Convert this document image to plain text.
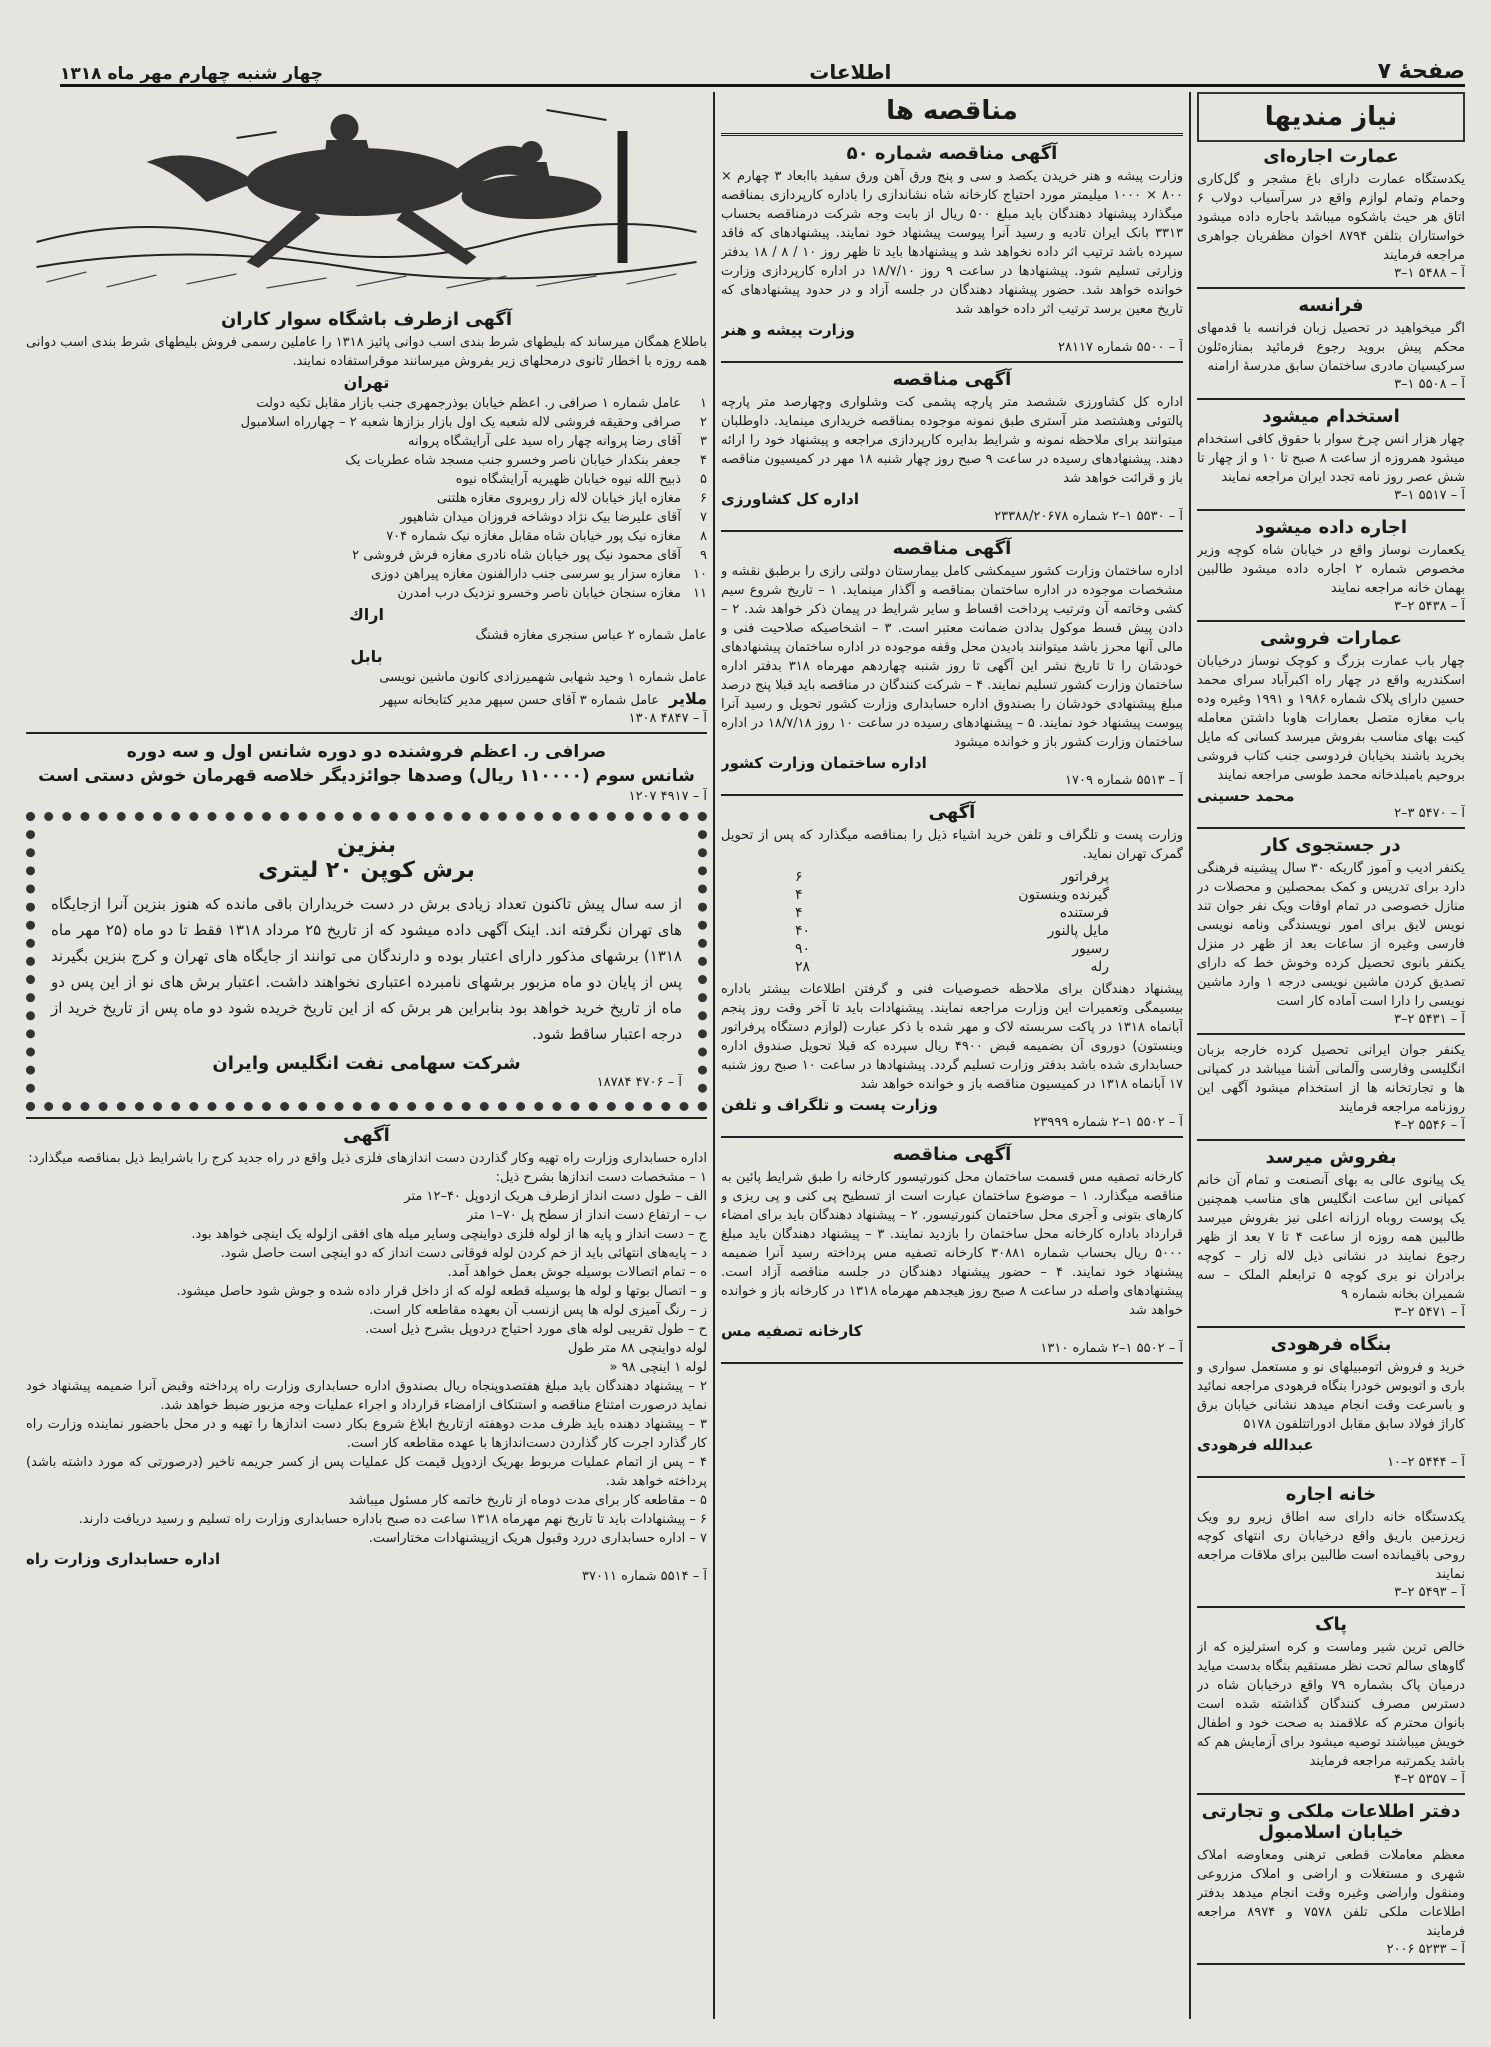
صفحهٔ ۷
اطلاعات
چهار شنبه چهارم مهر ماه ۱۳۱۸
نیاز مندیها
عمارت اجاره‌ای

یکدستگاه عمارت دارای باغ مشجر و گل‌کاری وحمام وتمام لوازم واقع در سرآسیاب دولاب ۶ اتاق هر حیث باشکوه میباشد باجاره داده میشود خواستاران بتلفن ۸۷۹۴ اخوان مظفریان جواهری مراجعه فرمایند

آ – ۵۴۸۸ ۱–۳
فرانسه

اگر میخواهید در تحصیل زبان فرانسه با قدمهای محکم پیش بروید رجوع فرمائید بمنازه‌ئلون سرکیسیان مادری ساختمان سابق مدرسهٔ ارامنه

آ – ۵۵۰۸ ۱–۳
استخدام میشود

چهار هزار انس چرخ سوار با حقوق کافی استخدام میشود همروزه از ساعت ۸ صبح تا ۱۰ و از چهار تا شش عصر روز نامه تجدد ایران مراجعه نمایند

آ – ۵۵۱۷ ۱–۳
اجاره داده میشود

یکعمارت نوساز واقع در خیابان شاه کوچه وزیر مخصوص شماره ۲ اجاره داده میشود طالبین بهمان خانه مراجعه نمایند

آ – ۵۴۳۸ ۲–۳
عمارات فروشی

چهار باب عمارت بزرگ و کوچک نوساز درخیابان اسکندریه واقع در چهار راه اکبرآباد سرای محمد حسین دارای پلاک شماره ۱۹۸۶ و ۱۹۹۱ وغیره وده باب مغازه متصل بعمارات هاوبا داشتن معامله کیت بهای مناسب بفروش میرسد کسانی که مایل بخرید باشند بخیابان فردوسی جنب کتاب فروشی بروحیم بامبلدخانه محمد طوسی مراجعه نمایند

محمد حسینی
آ – ۵۴۷۰ ۳–۲
در جستجوی کار

یکنفر ادیب و آموز گاریکه ۳۰ سال پیشینه فرهنگی دارد برای تدریس و کمک بمحصلین و محصلات در منازل خصوصی در تمام اوقات ویک نفر جوان تند نویس لایق برای امور نویسندگی ونامه نویسی فارسی وغیره از ساعات بعد از ظهر در منزل یکنفر بانوی تحصیل کرده وخوش خط که دارای تصدیق کردن ماشین نویسی درجه ۱ وارد ماشین نویسی را دارا است آماده کار است

آ – ۵۴۳۱ ۲–۳

یکنفر جوان ایرانی تحصیل کرده خارجه بزبان انگلیسی وفارسی وآلمانی آشنا میباشد در کمپانی ها و تجارتخانه ها از استخدام میشود آگهی این روزنامه مراجعه فرمایند

آ – ۵۵۴۶ ۲–۴
بفروش میرسد

یک پیانوی عالی به بهای آنصنعت و تمام آن خانم کمپانی این ساعت انگلیس های مناسب همچنین یک پوست روباه ارزانه اعلی نیز بفروش میرسد طالبین همه روزه از ساعت ۴ تا ۷ بعد از ظهر رجوع نمایند در نشانی ذیل لاله زار – کوچه برادران نو بری کوچه ۵ ترابعلم الملک – سه شمیران بخانه شماره ۹

آ – ۵۴۷۱ ۲–۳
بنگاه فرهودی

خرید و فروش اتومبیلهای نو و مستعمل سواری و باری و اتوبوس خودرا بنگاه فرهودی مراجعه نمائید و باسرعت وقت انجام میدهد نشانی خیابان برق کاراژ فولاد سابق مقابل ادوراتتلفون ۵۱۷۸

عبدالله فرهودی
آ – ۵۴۴۴ ۲–۱۰
خانه اجاره

یکدستگاه خانه دارای سه اطاق زیرو رو ویک زیرزمین باریق واقع درخیابان ری انتهای کوچه روحی باقیمانده است طالبین برای ملاقات مراجعه نمایند

آ – ۵۴۹۳ ۲–۳
پاک

خالص ترین شیر وماست و کره استرلیزه که از گاوهای سالم تحت نظر مستقیم بنگاه بدست میاید درمیان پاک بشماره ۷۹ واقع درخیابان شاه در دسترس مصرف کنندگان گذاشته شده است بانوان محترم که علاقمند به صحت خود و اطفال خویش میباشند توصیه میشود برای آزمایش هم که باشد یکمرتبه مراجعه فرمایند

آ – ۵۳۵۷ ۲–۴
دفتر اطلاعات ملکی و تجارتی خیابان اسلامبول

معظم معاملات قطعی ترهنی ومعاوضه املاک شهری و مستغلات و اراضی و املاک مزروعی ومنقول واراضی وغیره وقت انجام میدهد بدفتر اطلاعات ملکی تلفن ۷۵۷۸ و ۸۹۷۴ مراجعه فرمایند

آ – ۵۲۳۳ ۲۰۰۶
مناقصه ها
آگهی مناقصه شماره ۵۰

وزارت پیشه و هنر خریدن یکصد و سی و پنج ورق آهن ورق سفید باابعاد ۳ چهارم × ۸۰۰ × ۱۰۰۰ میلیمتر مورد احتیاج کارخانه شاه نشاندازی را باداره کارپردازی بمناقصه میگذارد پیشنهاد دهندگان باید مبلغ ۵۰۰ ریال از بابت وجه شرکت درمناقصه بحساب ۳۳۱۳ بانک ایران تادیه و رسید آنرا پیوست پیشنهاد خود نمایند. پیشنهادهای که فاقد سپرده باشد ترتیب اثر داده نخواهد شد و پیشنهادها باید تا ظهر روز ۱۰ / ۸ / ۱۸ بدفتر وزارتی تسلیم شود. پیشنهادها در ساعت ۹ روز ۱۸/۷/۱۰ در اداره کارپردازی وزارت خوانده خواهد شد. حضور پیشنهاد دهندگان در جلسه آزاد و در حدود پیشنهادهای که تاریخ معین برسد ترتیب اثر داده خواهد شد

وزارت پیشه و هنر
آ – ۵۵۰۰ شماره ۲۸۱۱۷
آگهی مناقصه

اداره کل کشاورزی ششصد متر پارچه پشمی کت وشلواری وچهارصد متر پارچه پالتوئی وهشتصد متر آستری طبق نمونه موجوده بمناقصه خریداری مینماید. داوطلبان میتوانند برای ملاحظه نمونه و شرایط بدایره کارپردازی مراجعه و پیشنهاد خود را ارائه دهند. پیشنهادهای رسیده در ساعت ۹ صبح روز چهار شنبه ۱۸ مهر در کمیسیون مناقصه باز و قرائت خواهد شد

اداره کل کشاورزی
آ – ۵۵۳۰ ۱–۲ شماره ۲۳۳۸۸/۲۰۶۷۸
آگهی مناقصه

اداره ساختمان وزارت کشور سیمکشی کامل بیمارستان دولتی رازی را برطبق نقشه و مشخصات موجوده در اداره ساختمان بمناقصه و آگذار مینماید. ۱ – تاریخ شروع سیم کشی وخاتمه آن وترتیب پرداخت اقساط و سایر شرایط در پیمان ذکر خواهد شد. ۲ – دادن پیش قسط موکول بدادن ضمانت معتبر است. ۳ – اشخاصیکه صلاحیت فنی و مالی آنها محرز باشد میتوانند بادیدن محل وقفه موجوده در اداره ساختمان پیشنهادهای خودشان را تا تاریخ نشر این آگهی تا روز شنبه چهاردهم مهرماه ۳۱۸ بدفتر اداره ساختمان وزارت کشور تسلیم نمایند. ۴ – شرکت کنندگان در مناقصه باید قبلا پنج درصد مبلغ پیشنهادی خودشان را بصندوق اداره حسابداری وزارت کشور تحویل و رسید آنرا پیوست پیشنهاد خود نمایند. ۵ – پیشنهادهای رسیده در ساعت ۱۰ روز ۱۸/۷/۱۸ در اداره ساختمان وزارت کشور باز و خوانده میشود

اداره ساختمان وزارت کشور
آ – ۵۵۱۳ شماره ۱۷۰۹
آگهی

وزارت پست و تلگراف و تلفن خرید اشیاء ذیل را بمناقصه میگذارد که پس از تحویل گمرک تهران نماید.

پرفراتور	۶
گیرنده وینستون	۴
فرستنده	۴
مایل پالنور	۴۰
رسیور	۹۰
رله	۲۸

پیشنهاد دهندگان برای ملاحظه خصوصیات فنی و گرفتن اطلاعات بیشتر باداره بیسیمگی وتعمیرات این وزارت مراجعه نمایند. پیشنهادات باید تا آخر وقت روز پنجم آبانماه ۱۳۱۸ در پاکت سربسته لاک و مهر شده با ذکر عبارت (لوازم دستگاه پرفراتور وینستون) دوروی آن بضمیمه قبض ۴۹۰۰ ریال سپرده که قبلا تحویل صندوق اداره حسابداری شده باشد بدفتر وزارت تسلیم گردد. پیشنهادها در ساعت ۱۰ صبح روز شنبه ۱۷ آبانماه ۱۳۱۸ در کمیسیون مناقصه باز و خوانده خواهد شد

وزارت پست و تلگراف و تلفن
آ – ۵۵۰۲ ۱–۲ شماره ۲۳۹۹۹
آگهی مناقصه

کارخانه تصفیه مس قسمت ساختمان محل کنورتیسور کارخانه را طبق شرایط پائین به مناقصه میگذارد. ۱ – موضوع ساختمان عبارت است از تسطیح پی کنی و پی ریزی و کارهای بتونی و آجری محل ساختمان کنورتیسور. ۲ – پیشنهاد دهندگان باید برای امضاء قرارداد باداره کارخانه محل ساختمان را بازدید نمایند. ۳ – پیشنهاد دهندگان باید مبلغ ۵۰۰۰ ریال بحساب شماره ۳۰۸۸۱ کارخانه تصفیه مس پرداخته رسید آنرا ضمیمه پیشنهاد خود نمایند. ۴ – حضور پیشنهاد دهندگان در جلسه مناقصه آزاد است. پیشنهادهای واصله در ساعت ۸ صبح روز هیجدهم مهرماه ۱۳۱۸ در کارخانه باز و خوانده خواهد شد

کارخانه تصفیه مس
آ – ۵۵۰۲ ۱–۲ شماره ۱۳۱۰
آگهی ازطرف باشگاه سوار کاران

باطلاع همگان میرساند که بلیطهای شرط بندی اسب دوانی پائیز ۱۳۱۸ را عاملین رسمی فروش بلیطهای شرط بندی اسب دوانی همه روزه با اخطار ثانوی درمحلهای زیر بفروش میرسانند موقراستفاده نمایند.

تهران
۱
عامل شماره ۱ صرافی ر. اعظم خیابان بوذرجمهری جنب بازار مقابل تکیه دولت
۲
صرافی وحقیقه فروشی لاله شعبه یک اول بازار بزازها شعبه ۲ – چهارراه اسلامبول
۳
آقای رضا پروانه چهار راه سید علی آرایشگاه پروانه
۴
جعفر بنکدار خیابان ناصر وخسرو جنب مسجد شاه عطریات یک
۵
ذبیح الله نیوه خیابان ظهیریه آرایشگاه نیوه
۶
مغازه ایاز خیابان لاله زار روبروی مغازه هلتنی
۷
آقای علیرضا بیک نژاد دوشاخه فروزان میدان شاهپور
۸
مغازه نیک پور خیابان شاه مقابل مغازه نیک شماره ۷۰۴
۹
آقای محمود نیک پور خیابان شاه نادری مغازه فرش فروشی ۲
۱۰
مغازه سزار یو سرسی جنب دارالفنون مغازه پیراهن دوزی
۱۱
مغازه سنجان خیابان ناصر وخسرو نزدیک درب امدرن
اراك

عامل شماره ۲ عباس سنجری مغازه قشنگ

بابل

عامل شماره ۱ وحید شهابی شهمیرزادی کانون ماشین نویسی

ملایر

عامل شماره ۳ آقای حسن سپهر مدیر کتابخانه سپهر

آ – ۴۸۴۷ ۱۳۰۸
صرافی ر. اعظم فروشنده دو دوره شانس اول و سه دوره
شانس سوم (۱۱۰۰۰۰ ریال) وصدها جوائزدیگر خلاصه قهرمان خوش دستی است
آ – ۴۹۱۷ ۱۲۰۷
بنزین
برش کوپن ۲۰ لیتری

از سه سال پیش تاکنون تعداد زیادی برش در دست خریداران باقی مانده که هنوز بنزین آنرا ازجایگاه های تهران نگرفته اند. اینک آگهی داده میشود که از تاریخ ۲۵ مرداد ۱۳۱۸ فقط تا دو ماه (۲۵ مهر ماه ۱۳۱۸) برشهای مذکور دارای اعتبار بوده و دارندگان می توانند از جایگاه های تهران و کرج بنزین بگیرند پس از پایان دو ماه مزبور برشهای نامبرده اعتباری نخواهند داشت. اعتبار برش های نو از این پس دو ماه از تاریخ خرید خواهد بود بنابراین هر برش که از این تاریخ خریده شود دو ماه پس از تاریخ خرید از درجه اعتبار ساقط شود.

شرکت سهامی نفت انگلیس وایران
آ – ۴۷۰۶ ۱۸۷۸۴
آگهی

اداره حسابداری وزارت راه تهیه وکار گذاردن دست اندازهای فلزی ذیل واقع در راه جدید کرج را باشرایط ذیل بمناقصه میگذارد:

۱ – مشخصات دست اندازها بشرح ذیل:

الف – طول دست انداز ازطرف هریک ازدوپل ۴۰–۱۲ متر

ب – ارتفاع دست انداز از سطح پل ۷۰–۱ متر

ج – دست انداز و پایه ها از لوله فلزی دواینچی وسایر میله های افقی ازلوله یک اینچی خواهد بود.

د – پایه‌های انتهائی باید از خم کردن لوله فوقانی دست انداز که دو اینچی است حاصل شود.

ه – تمام اتصالات بوسیله جوش بعمل خواهد آمد.

و – اتصال بوتها و لوله ها بوسیله قطعه لوله که از داخل قرار داده شده و جوش شود حاصل میشود.

ز – رنگ آمیزی لوله ها پس ازنسب آن بعهده مقاطعه کار است.

ح – طول تقریبی لوله های مورد احتیاج دردوپل بشرح ذیل است.

لوله دواینچی ۸۸ متر طول

لوله ۱ اینچی ۹۸ «

۲ – پیشنهاد دهندگان باید مبلغ هفتصدوپنجاه ریال بصندوق اداره حسابداری وزارت راه پرداخته وقبض آنرا ضمیمه پیشنهاد خود نماید درصورت امتناع مناقصه و استنکاف ازامضاء قرارداد و اجراء عملیات وجه مزبور ضبط خواهد شد.

۳ – پیشنهاد دهنده باید ظرف مدت دوهفته ازتاریخ ابلاغ شروع بکار دست اندازها را تهیه و در محل باحضور نماینده وزارت راه کار گذارد اجرت کار گذاردن دست‌اندازها با عهده مقاطعه کار است.

۴ – پس از اتمام عملیات مربوط بهریک ازدوپل قیمت کل عملیات پس از کسر جریمه تاخیر (درصورتی که مورد داشته باشد) پرداخته خواهد شد.

۵ – مقاطعه کار برای مدت دوماه از تاریخ خاتمه کار مسئول میباشد

۶ – پیشنهادات باید تا تاریخ نهم مهرماه ۱۳۱۸ ساعت ده صبح باداره حسابداری وزارت راه تسلیم و رسید دریافت دارند.

۷ – اداره حسابداری دررد وقبول هریک ازپیشنهادات مختاراست.

اداره حسابداری وزارت راه
آ – ۵۵۱۴ شماره ۳۷۰۱۱
